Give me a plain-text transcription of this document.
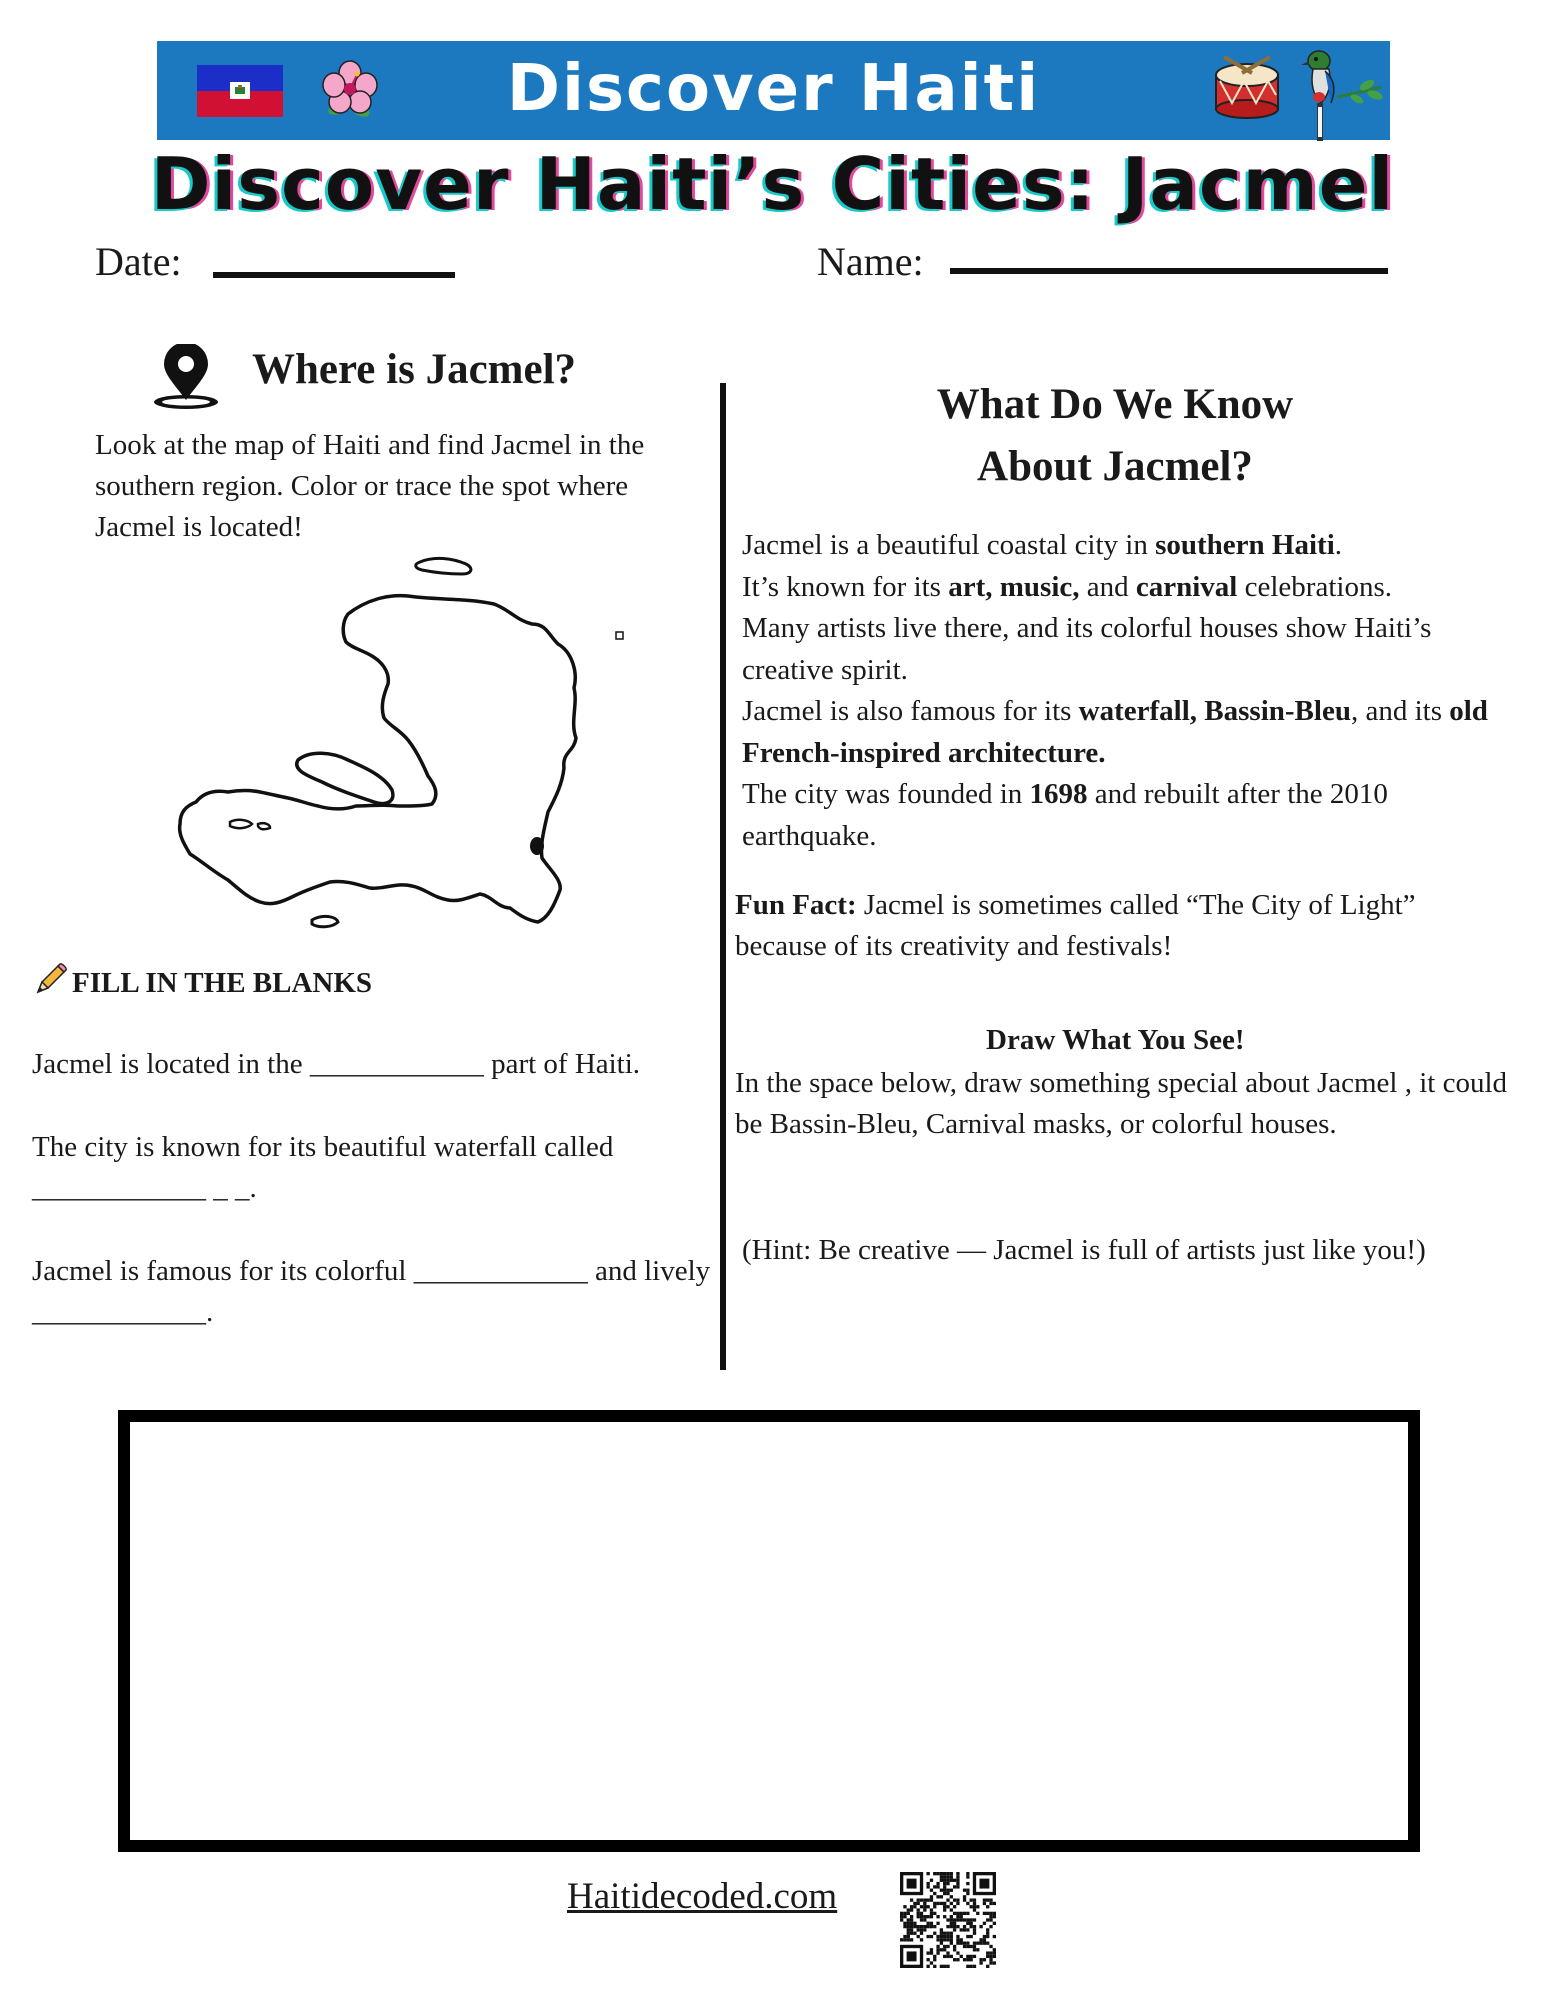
Discover Haiti
Discover Haiti’s Cities: Jacmel
Date:	Name:
Where is Jacmel?
Look at the map of Haiti and find Jacmel in the southern region. Color or trace the spot where Jacmel is located!
FILL IN THE BLANKS
Jacmel is located in the ____________ part of Haiti.
The city is known for its beautiful waterfall called ____________ _ _.
Jacmel is famous for its colorful ____________ and lively ____________.
What Do We Know
About Jacmel?
Jacmel is a beautiful coastal city in southern Haiti.
It’s known for its art, music, and carnival celebrations.
Many artists live there, and its colorful houses show Haiti’s creative spirit.
Jacmel is also famous for its waterfall, Bassin-Bleu, and its old French-inspired architecture.
The city was founded in 1698 and rebuilt after the 2010 earthquake.
Fun Fact: Jacmel is sometimes called “The City of Light” because of its creativity and festivals!
Draw What You See!
In the space below, draw something special about Jacmel , it could be Bassin-Bleu, Carnival masks, or colorful houses.
(Hint: Be creative — Jacmel is full of artists just like you!)
Haitidecoded.com
